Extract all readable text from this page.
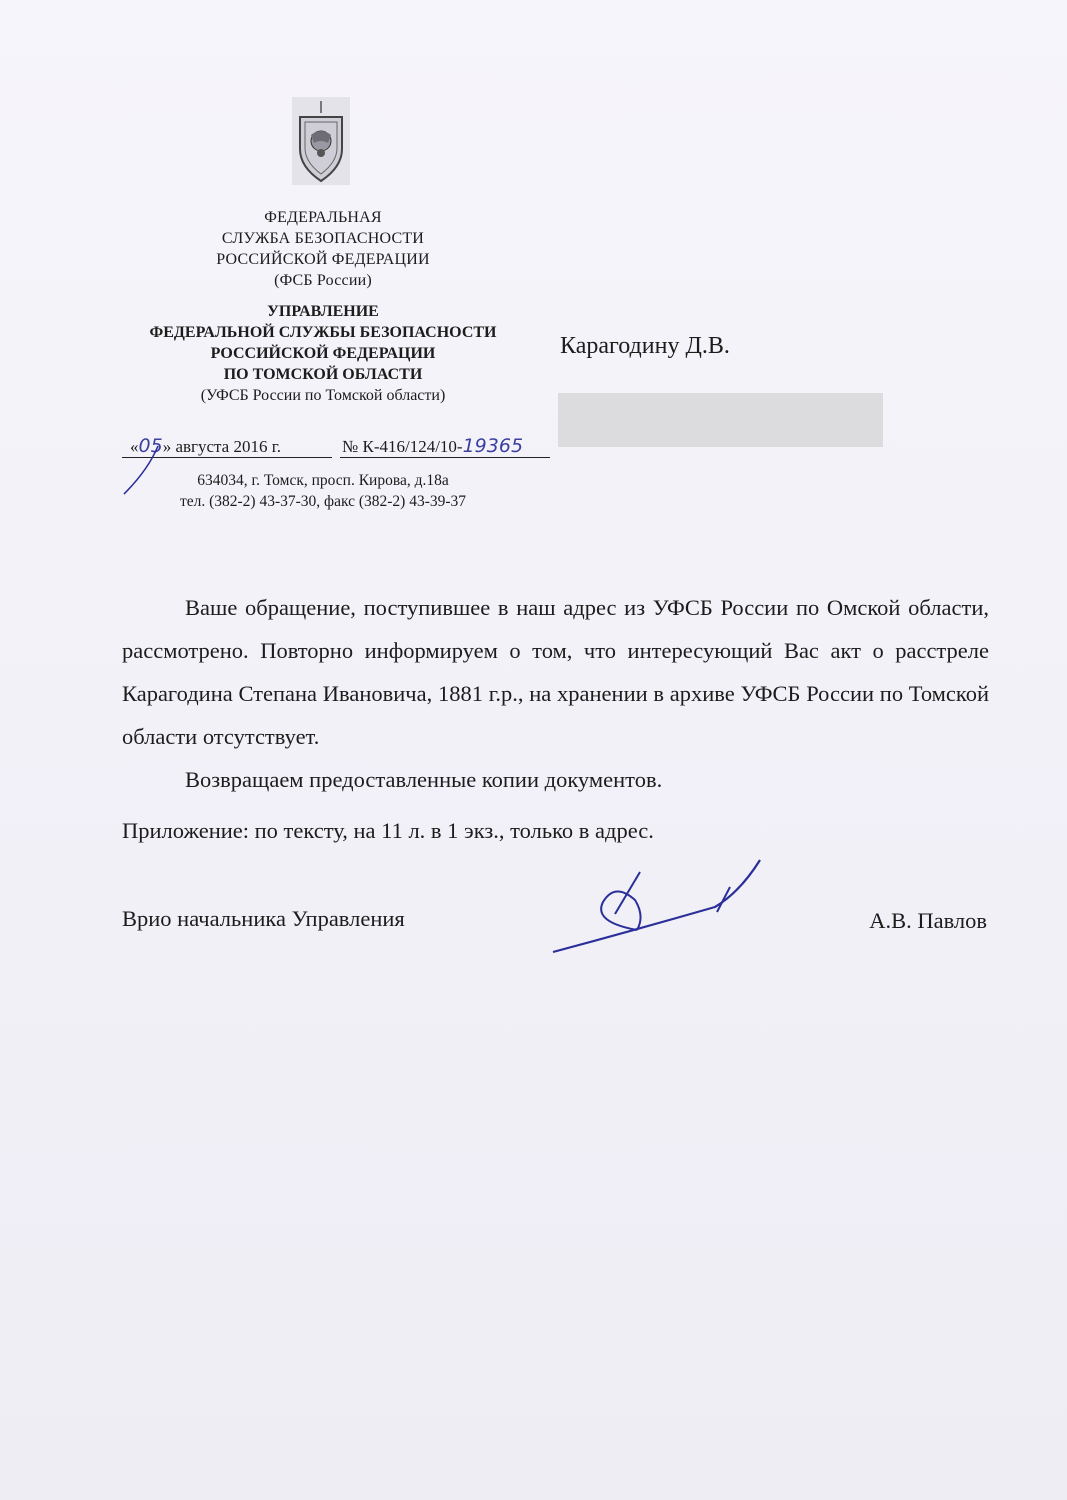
ФЕДЕРАЛЬНАЯ
СЛУЖБА БЕЗОПАСНОСТИ
РОССИЙСКОЙ ФЕДЕРАЦИИ
(ФСБ России)
УПРАВЛЕНИЕ
ФЕДЕРАЛЬНОЙ СЛУЖБЫ БЕЗОПАСНОСТИ
РОССИЙСКОЙ ФЕДЕРАЦИИ
ПО ТОМСКОЙ ОБЛАСТИ
(УФСБ России по Томской области)
«05» августа 2016 г.	№ К-416/124/10-19365
634034, г. Томск, просп. Кирова, д.18а
тел. (382-2) 43-37-30, факс (382-2) 43-39-37
Карагодину Д.В.

Ваше обращение, поступившее в наш адрес из УФСБ России по Омской области, рассмотрено. Повторно информируем о том, что интересующий Вас акт о расстреле Карагодина Степана Ивановича, 1881 г.р., на хранении в архиве УФСБ России по Томской области отсутствует.

Возвращаем предоставленные копии документов.

Приложение: по тексту, на 11 л. в 1 экз., только в адрес.
Врио начальника Управления	А.В. Павлов
